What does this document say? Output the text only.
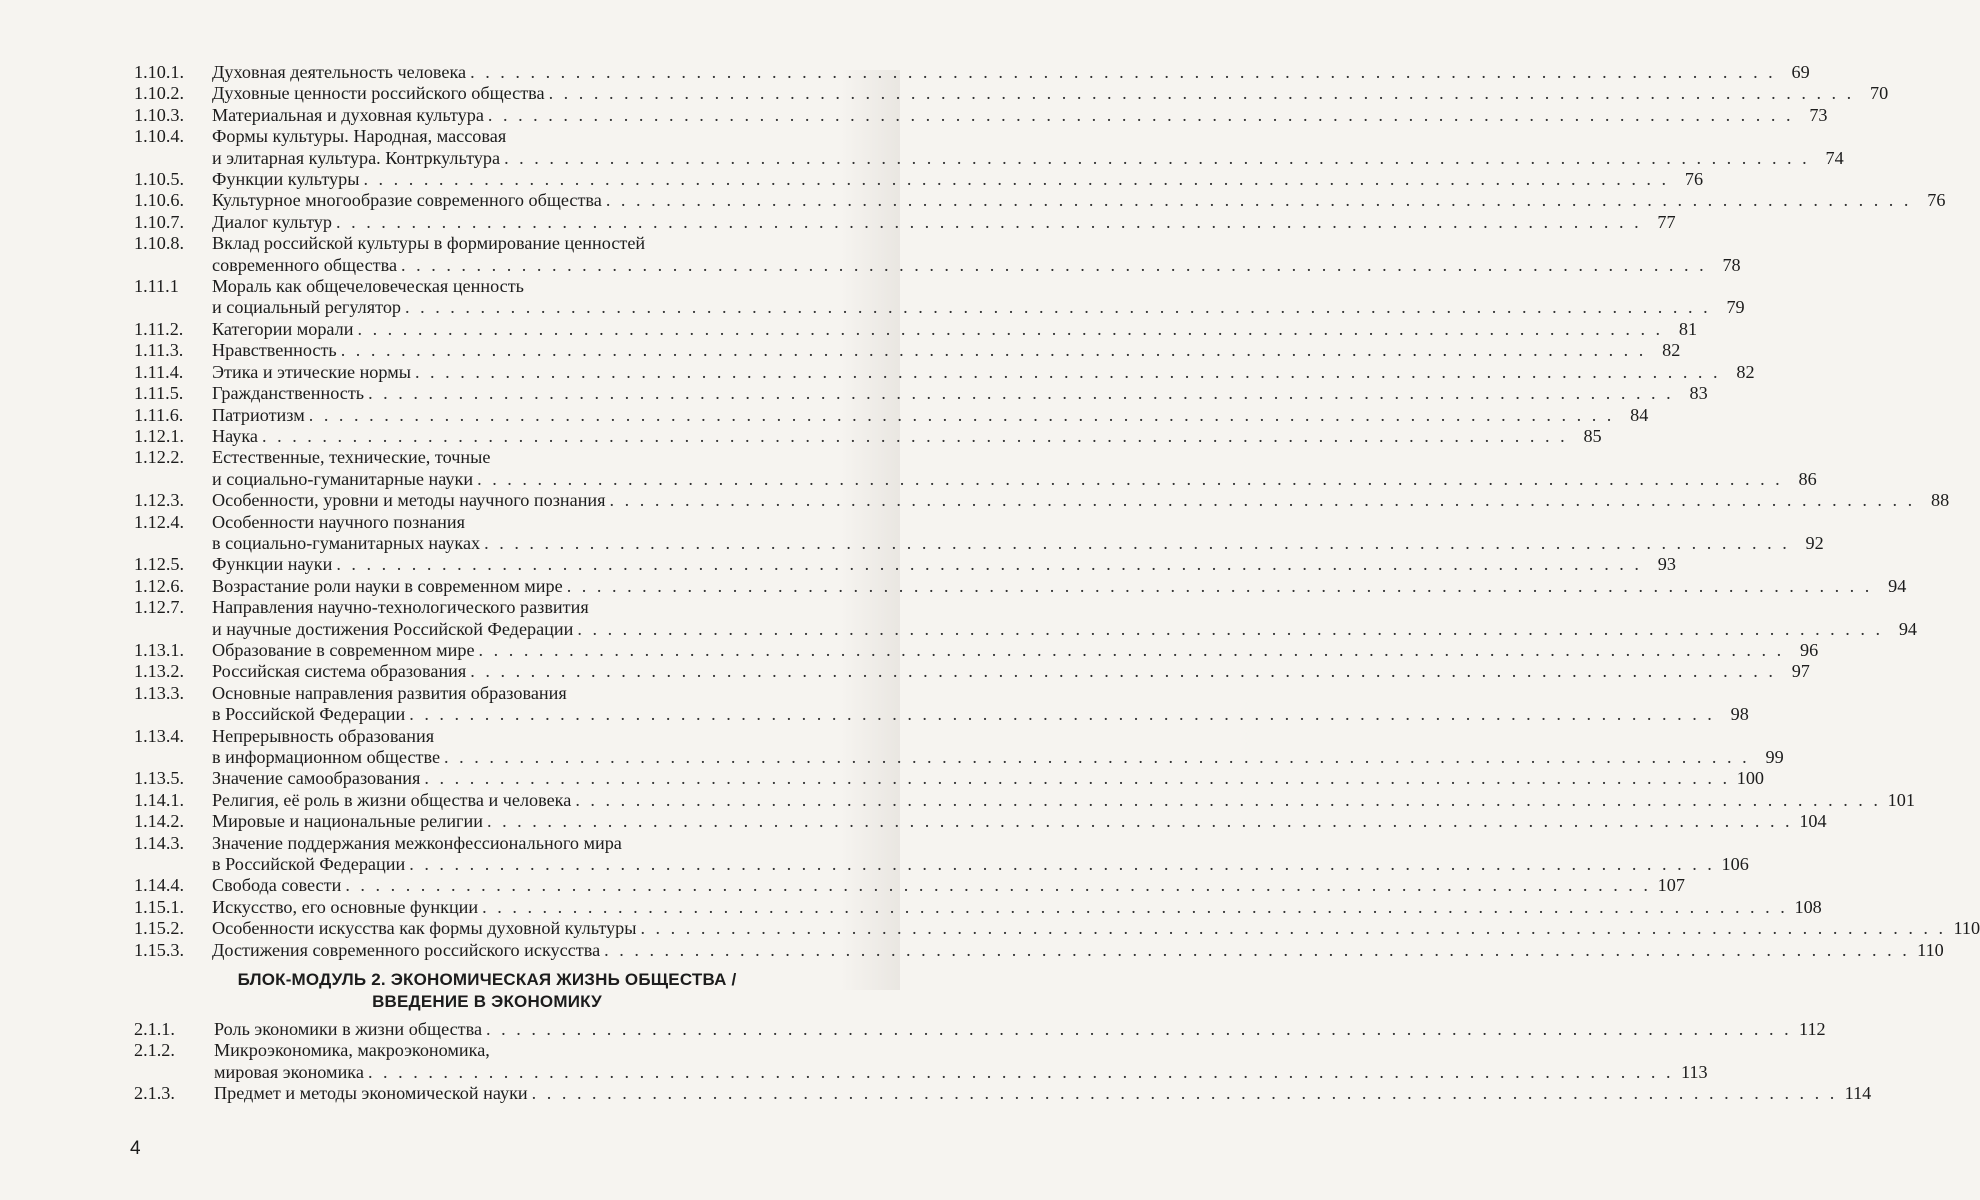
1.10.1.	Духовная деятельность человека . . .	69
1.10.2.	Духовные ценности российского общества . . .	70
1.10.3.	Материальная и духовная культура . . .	73
1.10.4.	Формы культуры. Народная, массовая
и элитарная культура. Контркультура . . .	74
1.10.5.	Функции культуры . . .	76
1.10.6.	Культурное многообразие современного общества . . .	76
1.10.7.	Диалог культур . . .	77
1.10.8.	Вклад российской культуры в формирование ценностей
современного общества . . .	78
1.11.1	Мораль как общечеловеческая ценность
и социальный регулятор . . .	79
1.11.2.	Категории морали . . .	81
1.11.3.	Нравственность . . .	82
1.11.4.	Этика и этические нормы . . .	82
1.11.5.	Гражданственность . . .	83
1.11.6.	Патриотизм . . .	84
1.12.1.	Наука . . .	85
1.12.2.	Естественные, технические, точные
и социально-гуманитарные науки . . .	86
1.12.3.	Особенности, уровни и методы научного познания . . .	88
1.12.4.	Особенности научного познания
в социально-гуманитарных науках . . .	92
1.12.5.	Функции науки . . .	93
1.12.6.	Возрастание роли науки в современном мире . . .	94
1.12.7.	Направления научно-технологического развития
и научные достижения Российской Федерации . . .	94
1.13.1.	Образование в современном мире . . .	96
1.13.2.	Российская система образования . . .	97
1.13.3.	Основные направления развития образования
в Российской Федерации . . .	98
1.13.4.	Непрерывность образования
в информационном обществе . . .	99
1.13.5.	Значение самообразования . . .	100
1.14.1.	Религия, её роль в жизни общества и человека . . .	101
1.14.2.	Мировые и национальные религии . . .	104
1.14.3.	Значение поддержания межконфессионального мира
в Российской Федерации . . .	106
1.14.4.	Свобода совести . . .	107
1.15.1.	Искусство, его основные функции . . .	108
1.15.2.	Особенности искусства как формы духовной культуры . . .	110
1.15.3.	Достижения современного российского искусства . . .	110
БЛОК-МОДУЛЬ 2. ЭКОНОМИЧЕСКАЯ ЖИЗНЬ ОБЩЕСТВА /
ВВЕДЕНИЕ В ЭКОНОМИКУ
2.1.1.	Роль экономики в жизни общества . . .	112
2.1.2.	Микроэкономика, макроэкономика,
мировая экономика . . .	113
2.1.3.	Предмет и методы экономической науки . . .	114
4
